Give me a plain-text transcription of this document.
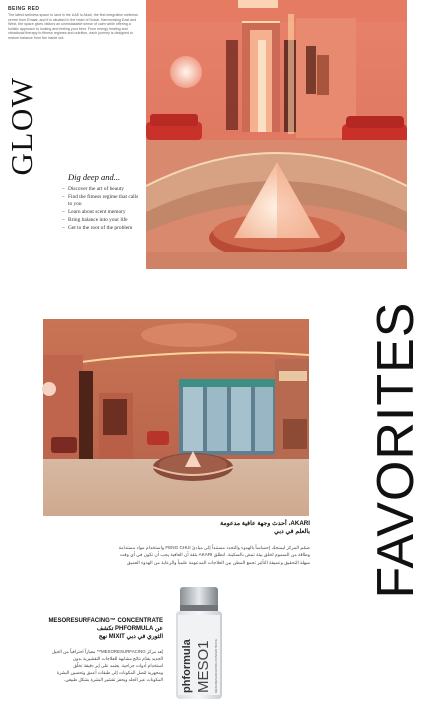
BEING RED
The latest wellness space to land in the UAE is Akari, the first integrative wellness centre from Emaar, and it is situated in the heart of Dubai. Harmonising East and West, the space gives visitors an unmistakable sense of calm while offering a holistic approach to looking and feeling your best. From energy healing and vibrational therapy to fitness regimes and nutrition, each journey is designed to restore balance from the inside out.
GLOW
Dig deep and...
– Discover the art of beauty
– Find the fitness regime that calls to you
– Learn about scent memory
– Bring balance into your life
– Get to the root of the problem
FAVORITES
AKARI، أحدث وجهة عافية مدعومة
بالعلم في دبي
ضمّم المركز ليمنحك إحساساً بالهدوء والتجدد مستنداً إلى مبادئ FENG CHUI واستخدام مواد مستدامة
وطاقة من السموم لخلق بيئة تنبض بالسكينة. انطلق AKARI بثقة أن العافية يجب أن تكون في أي وقت
سهلة التحقيق وعميقة التأثير تجمع المطن بين العلاجات المدعومة علمياً والرعاية من الهدوء العميق
MESORESURFACING™ CONCENTRATE
تكشف PHFORMULA عن
نهج MIXIT الثوري في دبي
يُعد مركز MESORESURFACING™ معياراً احترافياً من الجيل
الجديد يقدّم نتائج مشابهة للعلاجات التقشيرية بدون
استخدام أدوات جراحية. يعتمد على إبر دقيقة تخلّق
ومجهرية لتصل المكونات إلى طبقات أعمق وتحسين البشرة
المكونات عبر الجلد ويحفز تقشير البشرة بشكل طبيعي. phformula MESO1 MESORESURFACING CONCENTRATE
